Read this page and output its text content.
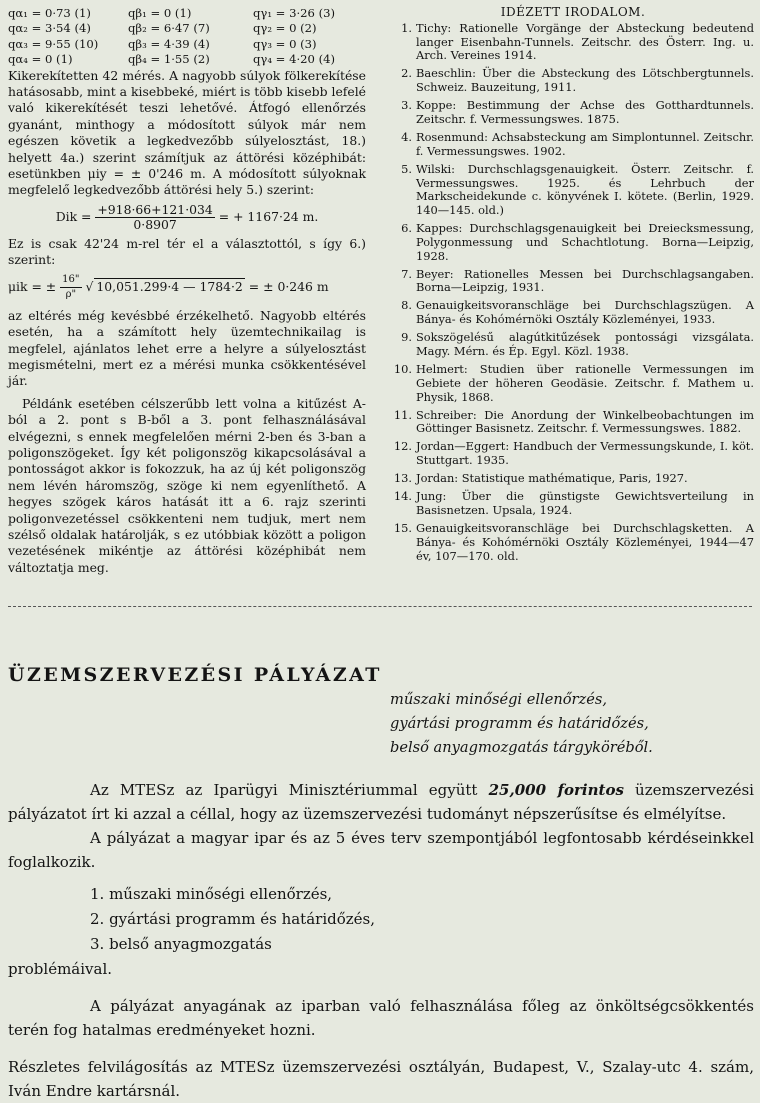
qα₁ = 0·73 (1)	qβ₁ = 0 (1)	qγ₁ = 3·26 (3)
qα₂ = 3·54 (4)	qβ₂ = 6·47 (7)	qγ₂ = 0 (2)
qα₃ = 9·55 (10)	qβ₃ = 4·39 (4)	qγ₃ = 0 (3)
qα₄ = 0 (1)	qβ₄ = 1·55 (2)	qγ₄ = 4·20 (4)

Kikerekítetten 42 mérés. A nagyobb súlyok fölkerekítése hatásosabb, mint a kisebbeké, miért is több kisebb lefelé való kikerekítését teszi lehetővé. Átfogó ellenőrzés gyanánt, minthogy a módosított súlyok már nem egészen követik a legkedvezőbb súlyelosztást, 18.) helyett 4a.) szerint számítjuk az áttörési középhibát: esetünkben μiy = ± 0'246 m. A módosított súlyoknak megfelelő legkedvezőbb áttörési hely 5.) szerint:

Dik = $\frac{+918\cdot 66+121\cdot 034}{0\cdot 8907}$ = + 1167·24 m.

Ez is csak 42'24 m-rel tér el a választottól, s így 6.) szerint:

μik = ± $\frac{16"}{\rho"}$ √ 10,051.299·4 — 1784·2 = ± 0·246 m

az eltérés még kevésbbé érzékelhető. Nagyobb eltérés esetén, ha a számított hely üzemtechnikailag is megfelel, ajánlatos lehet erre a helyre a súlyelosztást megismételni, mert ez a mérési munka csökkentésével jár.

Példánk esetében célszerűbb lett volna a kitűzést A-ból a 2. pont s B-ből a 3. pont felhasználásával elvégezni, s ennek megfelelően mérni 2-ben és 3-ban a poligonszögeket. Így két poligonszög kikapcsolásával a pontosságot akkor is fokozzuk, ha az új két poligonszög nem lévén háromszög, szöge ki nem egyenlíthető. A hegyes szögek káros hatását itt a 6. rajz szerinti poligonvezetéssel csökkenteni nem tudjuk, mert nem szélső oldalak határolják, s ez utóbbiak között a poligon vezetésének mikéntje az áttörési középhibát nem változtatja meg.

IDÉZETT IRODALOM.
1. Tichy: Rationelle Vorgänge der Absteckung bedeutend langer Eisenbahn-Tunnels. Zeitschr. des Österr. Ing. u. Arch. Vereines 1914.
2. Baeschlin: Über die Absteckung des Lötschbergtunnels. Schweiz. Bauzeitung, 1911.
3. Koppe: Bestimmung der Achse des Gotthardtunnels. Zeitschr. f. Vermessungswes. 1875.
4. Rosenmund: Achsabsteckung am Simplontunnel. Zeitschr. f. Vermessungswes. 1902.
5. Wilski: Durchschlagsgenauigkeit. Österr. Zeitschr. f. Vermessungswes. 1925. és Lehrbuch der Markscheidekunde c. könyvének I. kötete. (Berlin, 1929. 140—145. old.)
6. Kappes: Durchschlagsgenauigkeit bei Dreiecksmessung, Polygonmessung und Schachtlotung. Borna—Leipzig, 1928.
7. Beyer: Rationelles Messen bei Durchschlagsangaben. Borna—Leipzig, 1931.
8. Genauigkeitsvoranschläge bei Durchschlagszügen. A Bánya- és Kohómérnöki Osztály Közleményei, 1933.
9. Sokszögelésű alagútkitűzések pontossági vizsgálata. Magy. Mérn. és Ép. Egyl. Közl. 1938.
10. Helmert: Studien über rationelle Vermessungen im Gebiete der höheren Geodäsie. Zeitschr. f. Mathem u. Physik, 1868.
11. Schreiber: Die Anordung der Winkelbeobachtungen im Göttinger Basisnetz. Zeitschr. f. Vermessungswes. 1882.
12. Jordan—Eggert: Handbuch der Vermessungskunde, I. köt. Stuttgart. 1935.
13. Jordan: Statistique mathématique, Paris, 1927.
14. Jung: Über die günstigste Gewichtsverteilung in Basisnetzen. Upsala, 1924.
15. Genauigkeitsvoranschläge bei Durchschlagsketten. A Bánya- és Kohómérnöki Osztály Közleményei, 1944—47 év, 107—170. old.
ÜZEMSZERVEZÉSI PÁLYÁZAT
műszaki minőségi ellenőrzés,
gyártási programm és határidőzés,
belső anyagmozgatás tárgyköréből.

Az MTESz az Iparügyi Minisztériummal együtt 25,000 forintos üzemszervezési pályázatot írt ki azzal a céllal, hogy az üzemszervezési tudományt népszerűsítse és elmélyítse.

A pályázat a magyar ipar és az 5 éves terv szempontjából legfontosabb kérdéseinkkel foglalkozik.

1. műszaki minőségi ellenőrzés,
2. gyártási programm és határidőzés,
3. belső anyagmozgatás

problémáival.

A pályázat anyagának az iparban való felhasználása főleg az önköltségcsökkentés terén fog hatalmas eredményeket hozni.

Részletes felvilágosítás az MTESz üzemszervezési osztályán, Budapest, V., Szalay-utc 4. szám, Iván Endre kartársnál.
